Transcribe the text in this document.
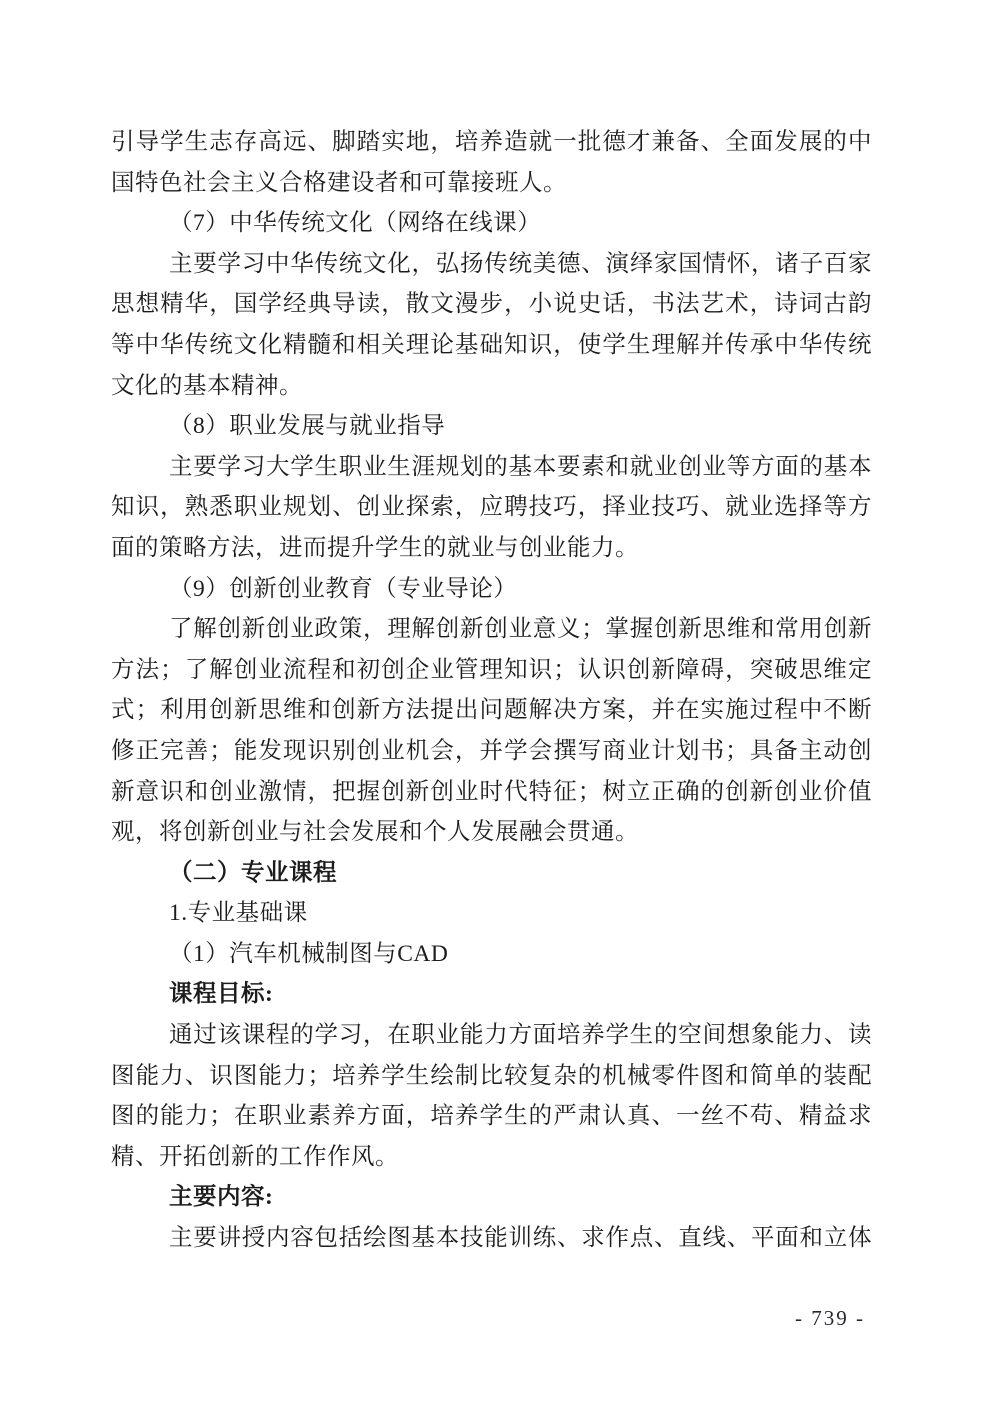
引导学生志存高远、脚踏实地，培养造就一批德才兼备、全面发展的中
国特色社会主义合格建设者和可靠接班人。
（7）中华传统文化（网络在线课）
主要学习中华传统文化，弘扬传统美德、演绎家国情怀，诸子百家
思想精华，国学经典导读，散文漫步，小说史话，书法艺术，诗词古韵
等中华传统文化精髓和相关理论基础知识，使学生理解并传承中华传统
文化的基本精神。
（8）职业发展与就业指导
主要学习大学生职业生涯规划的基本要素和就业创业等方面的基本
知识，熟悉职业规划、创业探索，应聘技巧，择业技巧、就业选择等方
面的策略方法，进而提升学生的就业与创业能力。
（9）创新创业教育（专业导论）
了解创新创业政策，理解创新创业意义；掌握创新思维和常用创新
方法；了解创业流程和初创企业管理知识；认识创新障碍，突破思维定
式；利用创新思维和创新方法提出问题解决方案，并在实施过程中不断
修正完善；能发现识别创业机会，并学会撰写商业计划书；具备主动创
新意识和创业激情，把握创新创业时代特征；树立正确的创新创业价值
观，将创新创业与社会发展和个人发展融会贯通。
（二）专业课程
1.专业基础课
（1）汽车机械制图与CAD
课程目标:
通过该课程的学习，在职业能力方面培养学生的空间想象能力、读
图能力、识图能力；培养学生绘制比较复杂的机械零件图和简单的装配
图的能力；在职业素养方面，培养学生的严肃认真、一丝不苟、精益求
精、开拓创新的工作作风。
主要内容:
主要讲授内容包括绘图基本技能训练、求作点、直线、平面和立体
- 739 -
